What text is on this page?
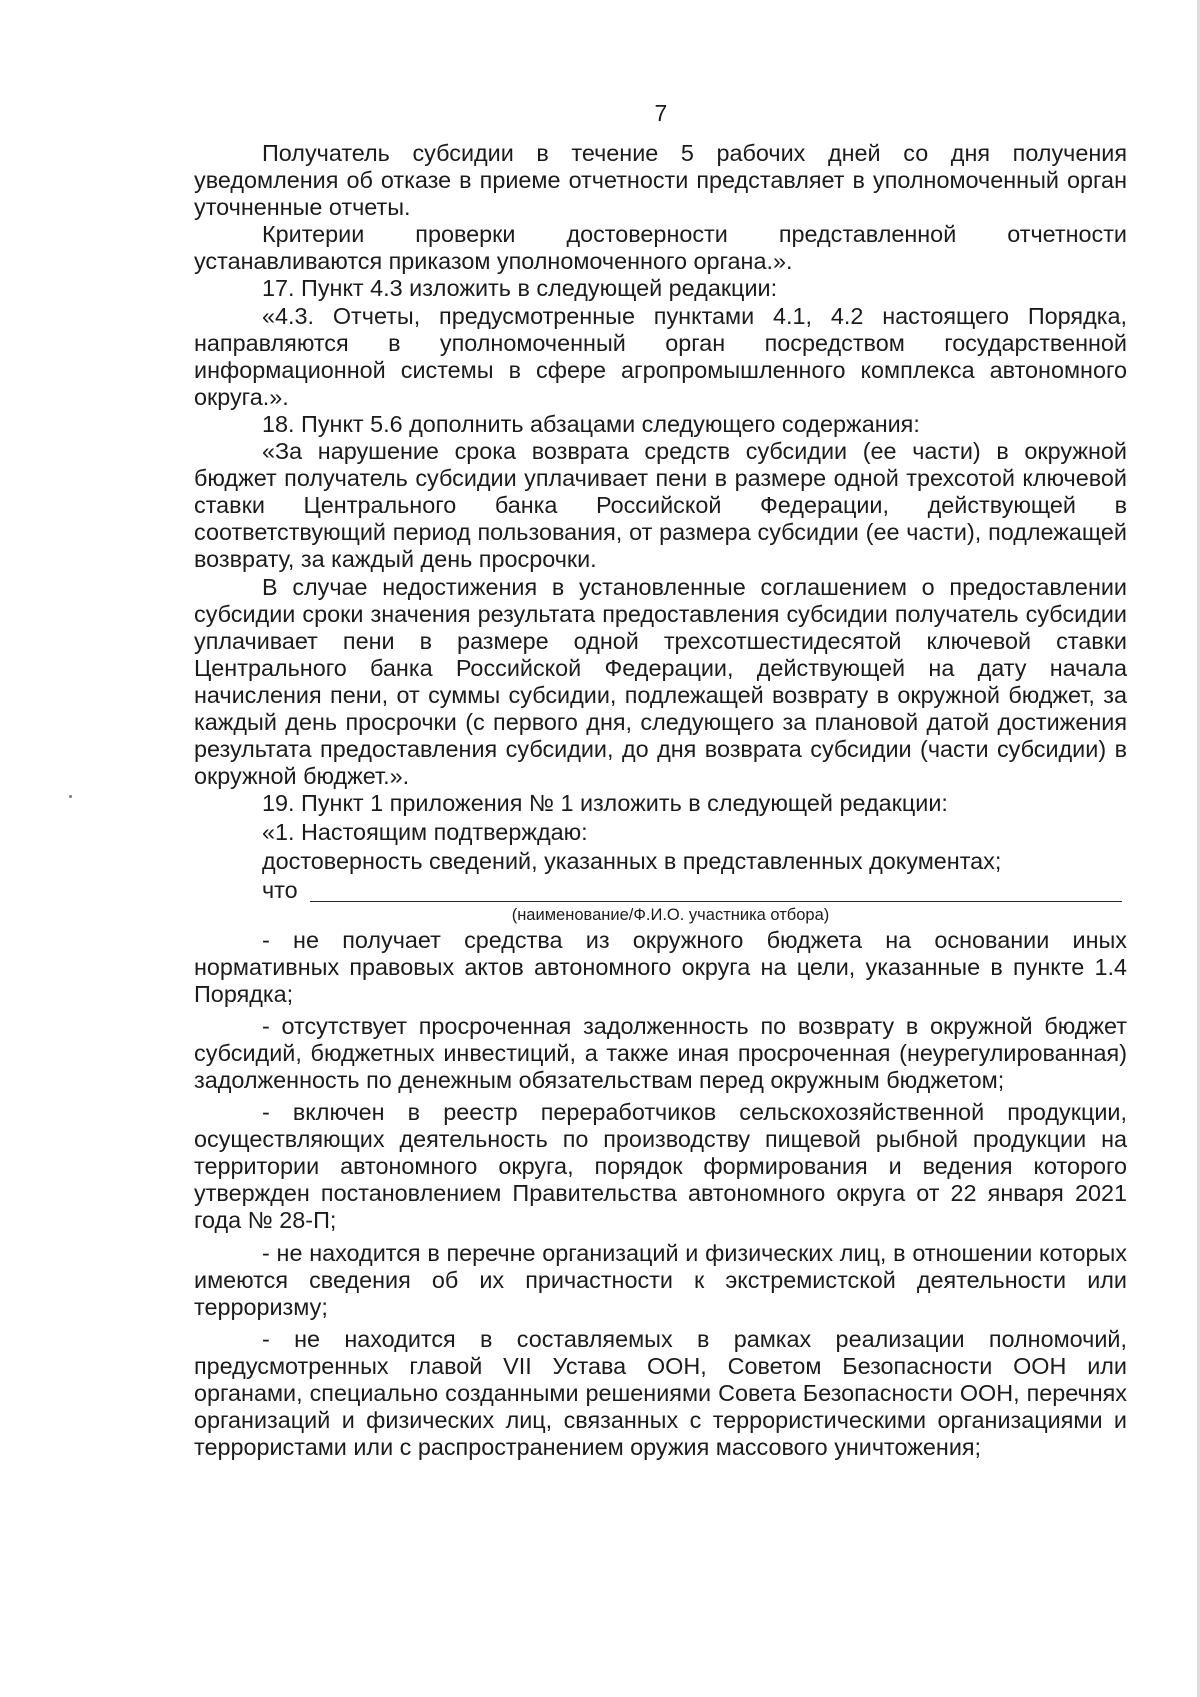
7

Получатель субсидии в течение 5 рабочих дней со дня получения уведомления об отказе в приеме отчетности представляет в уполномоченный орган уточненные отчеты.

Критерии проверки достоверности представленной отчетности устанавливаются приказом уполномоченного органа.».

17. Пункт 4.3 изложить в следующей редакции:

«4.3. Отчеты, предусмотренные пунктами 4.1, 4.2 настоящего Порядка, направляются в уполномоченный орган посредством государственной информационной системы в сфере агропромышленного комплекса автономного округа.».

18. Пункт 5.6 дополнить абзацами следующего содержания:

«За нарушение срока возврата средств субсидии (ее части) в окружной бюджет получатель субсидии уплачивает пени в размере одной трехсотой ключевой ставки Центрального банка Российской Федерации, действующей в соответствующий период пользования, от размера субсидии (ее части), подлежащей возврату, за каждый день просрочки.

В случае недостижения в установленные соглашением о предоставлении субсидии сроки значения результата предоставления субсидии получатель субсидии уплачивает пени в размере одной трехсотшестидесятой ключевой ставки Центрального банка Российской Федерации, действующей на дату начала начисления пени, от суммы субсидии, подлежащей возврату в окружной бюджет, за каждый день просрочки (с первого дня, следующего за плановой датой достижения результата предоставления субсидии, до дня возврата субсидии (части субсидии) в окружной бюджет.».

19. Пункт 1 приложения № 1 изложить в следующей редакции:

«1. Настоящим подтверждаю:

достоверность сведений, указанных в представленных документах;

что
(наименование/Ф.И.О. участника отбора)

- не получает средства из окружного бюджета на основании иных нормативных правовых актов автономного округа на цели, указанные в пункте 1.4 Порядка;

- отсутствует просроченная задолженность по возврату в окружной бюджет субсидий, бюджетных инвестиций, а также иная просроченная (неурегулированная) задолженность по денежным обязательствам перед окружным бюджетом;

- включен в реестр переработчиков сельскохозяйственной продукции, осуществляющих деятельность по производству пищевой рыбной продукции на территории автономного округа, порядок формирования и ведения которого утвержден постановлением Правительства автономного округа от 22 января 2021 года № 28-П;

- не находится в перечне организаций и физических лиц, в отношении которых имеются сведения об их причастности к экстремистской деятельности или терроризму;

- не находится в составляемых в рамках реализации полномочий, предусмотренных главой VII Устава ООН, Советом Безопасности ООН или органами, специально созданными решениями Совета Безопасности ООН, перечнях организаций и физических лиц, связанных с террористическими организациями и террористами или с распространением оружия массового уничтожения;
